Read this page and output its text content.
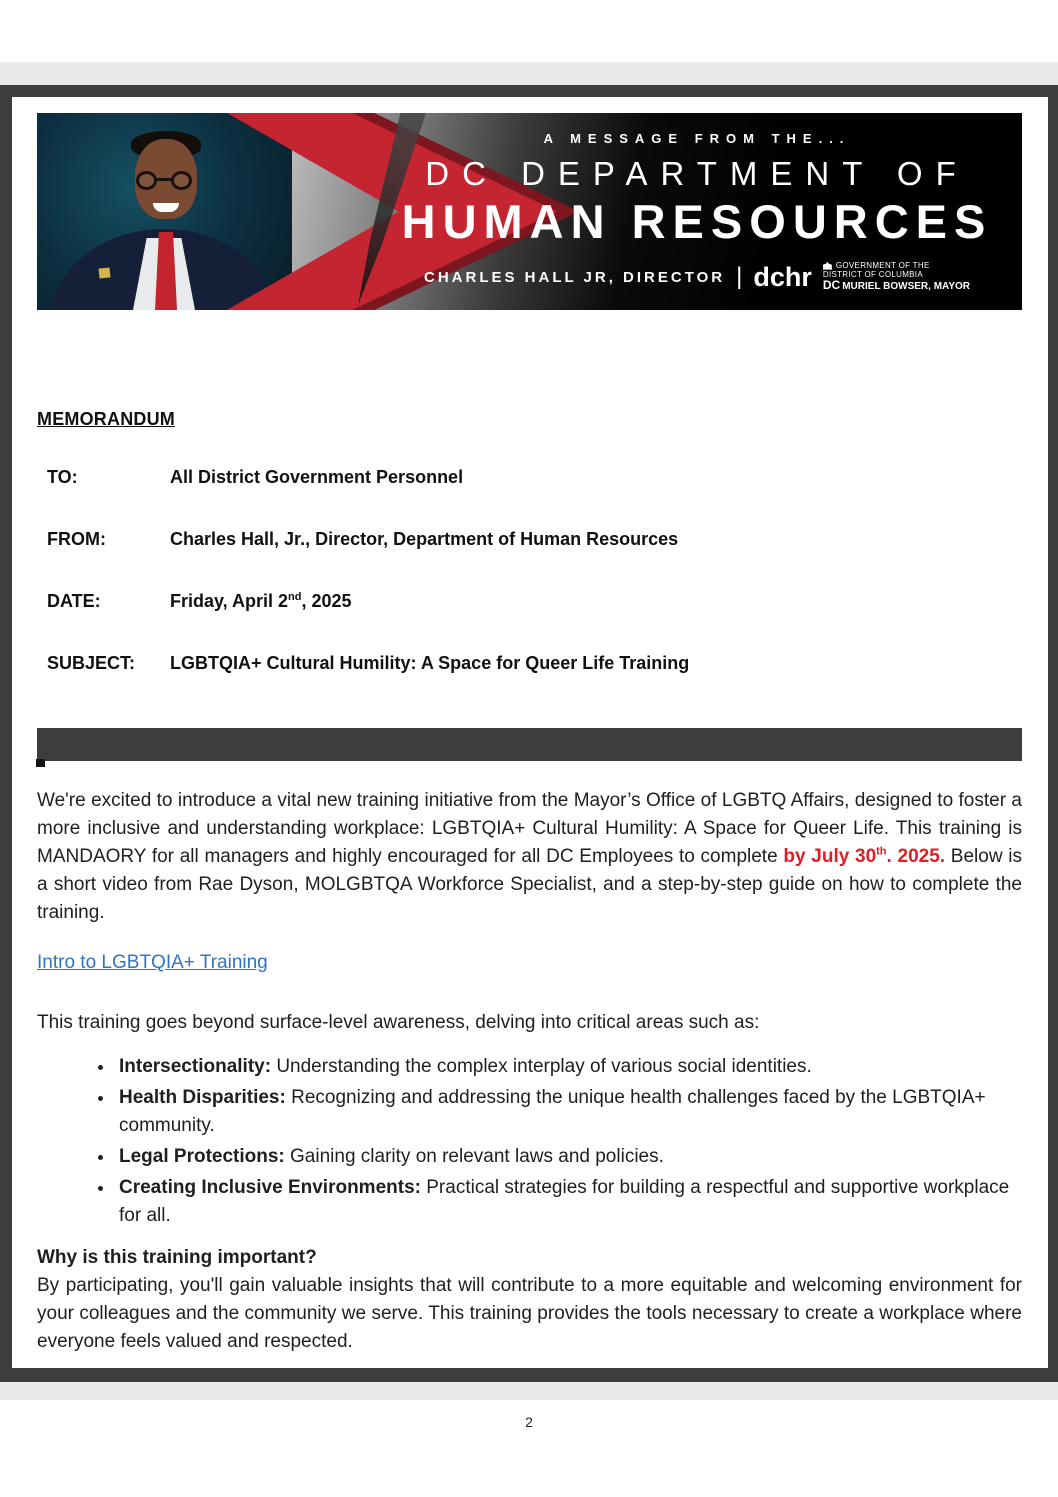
A MESSAGE FROM THE...
DC DEPARTMENT OF
HUMAN RESOURCES
CHARLES HALL JR, DIRECTOR | dchr	GOVERNMENT OF THE
DISTRICT OF COLUMBIA
DC MURIEL BOWSER, MAYOR
MEMORANDUM
TO:	All District Government Personnel
FROM:	Charles Hall, Jr., Director, Department of Human Resources
DATE:	Friday, April 2nd, 2025
SUBJECT:	LGBTQIA+ Cultural Humility: A Space for Queer Life Training

We're excited to introduce a vital new training initiative from the Mayor’s Office of LGBTQ Affairs, designed to foster a more inclusive and understanding workplace: LGBTQIA+ Cultural Humility: A Space for Queer Life. This training is MANDAORY for all managers and highly encouraged for all DC Employees to complete by July 30th. 2025. Below is a short video from Rae Dyson, MOLGBTQA Workforce Specialist, and a step-by-step guide on how to complete the training.

Intro to LGBTQIA+ Training

This training goes beyond surface-level awareness, delving into critical areas such as:

• Intersectionality: Understanding the complex interplay of various social identities.
• Health Disparities: Recognizing and addressing the unique health challenges faced by the LGBTQIA+ community.
• Legal Protections: Gaining clarity on relevant laws and policies.
• Creating Inclusive Environments: Practical strategies for building a respectful and supportive workplace for all.
Why is this training important?

By participating, you'll gain valuable insights that will contribute to a more equitable and welcoming environment for your colleagues and the community we serve. This training provides the tools necessary to create a workplace where everyone feels valued and respected.

2
